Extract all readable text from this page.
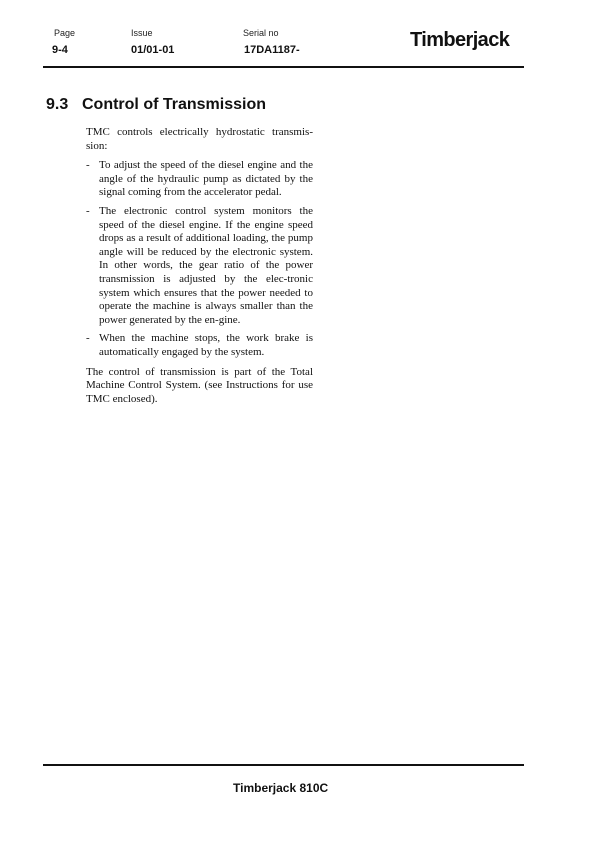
Page
9-4
Issue
01/01-01
Serial no
17DA1187-	Timberjack
9.3 Control of Transmission

TMC controls electrically hydrostatic transmis-sion:

- To adjust the speed of the diesel engine and the angle of the hydraulic pump as dictated by the signal coming from the accelerator pedal.
- The electronic control system monitors the speed of the diesel engine. If the engine speed drops as a result of additional loading, the pump angle will be reduced by the electronic system. In other words, the gear ratio of the power transmission is adjusted by the elec-tronic system which ensures that the power needed to operate the machine is always smaller than the power generated by the en-gine.
- When the machine stops, the work brake is automatically engaged by the system.

The control of transmission is part of the Total Machine Control System. (see Instructions for use TMC enclosed).

Timberjack 810C
